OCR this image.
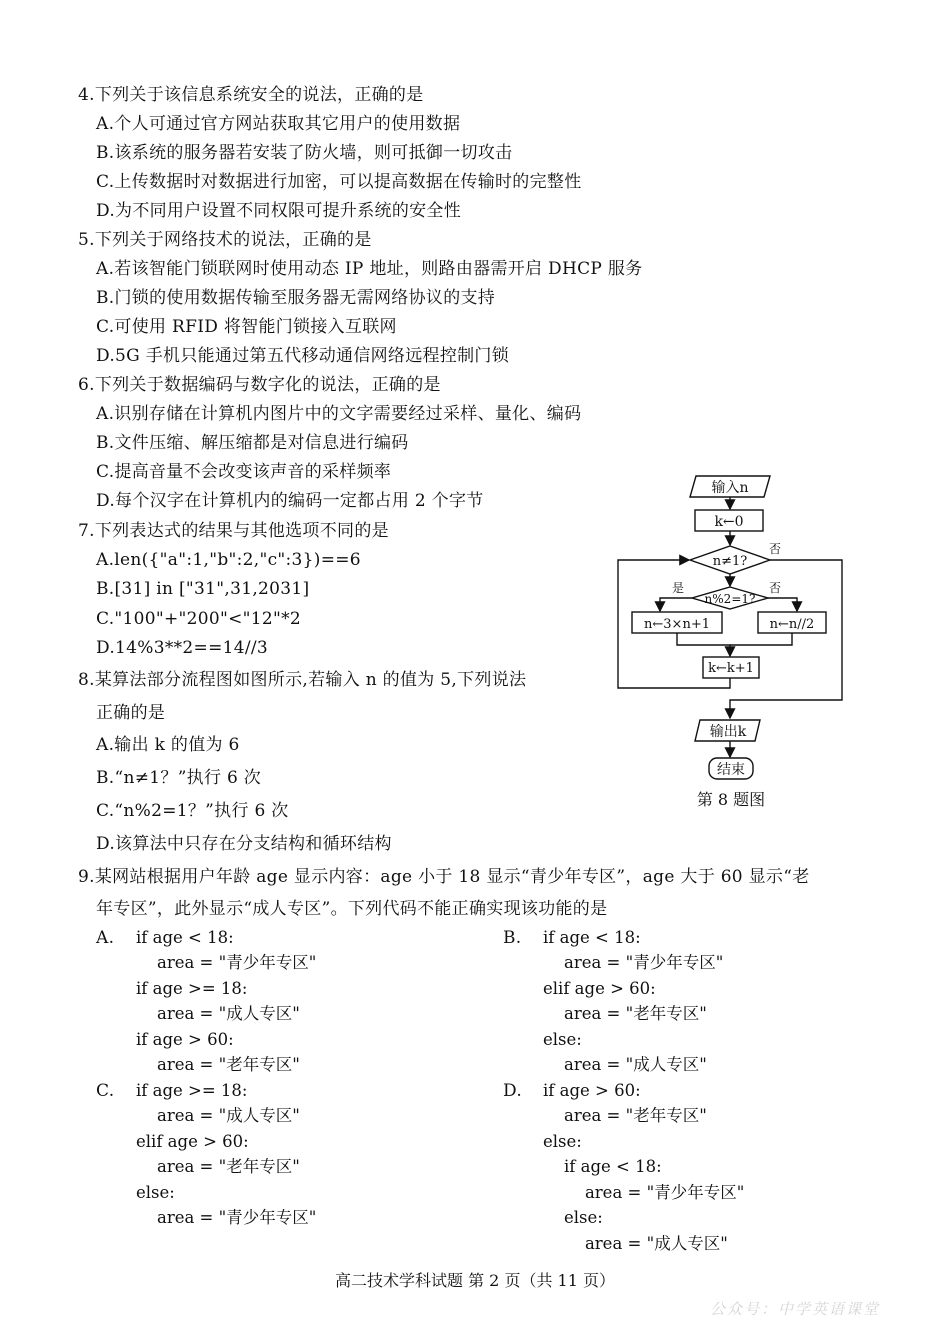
4.下列关于该信息系统安全的说法，正确的是
A.个人可通过官方网站获取其它用户的使用数据
B.该系统的服务器若安装了防火墙，则可抵御一切攻击
C.上传数据时对数据进行加密，可以提高数据在传输时的完整性
D.为不同用户设置不同权限可提升系统的安全性
5.下列关于网络技术的说法，正确的是
A.若该智能门锁联网时使用动态 IP 地址，则路由器需开启 DHCP 服务
B.门锁的使用数据传输至服务器无需网络协议的支持
C.可使用 RFID 将智能门锁接入互联网
D.5G 手机只能通过第五代移动通信网络远程控制门锁
6.下列关于数据编码与数字化的说法，正确的是
A.识别存储在计算机内图片中的文字需要经过采样、量化、编码
B.文件压缩、解压缩都是对信息进行编码
C.提高音量不会改变该声音的采样频率
D.每个汉字在计算机内的编码一定都占用 2 个字节
7.下列表达式的结果与其他选项不同的是
A.len({"a":1,"b":2,"c":3})==6
B.[31] in ["31",31,2031]
C."100"+"200"<"12"*2
D.14%3**2==14//3
8.某算法部分流程图如图所示,若输入 n 的值为 5,下列说法
正确的是
A.输出 k 的值为 6
B.“n≠1？”执行 6 次
C.“n%2=1？”执行 6 次
D.该算法中只存在分支结构和循环结构
输入n
k←0
n≠1?
否
n%2=1?
是	否
n←3×n+1	n←n//2
k←k+1
输出k
结束
第 8 题图
9.某网站根据用户年龄 age 显示内容：age 小于 18 显示“青少年专区”，age 大于 60 显示“老
年专区”，此外显示“成人专区”。下列代码不能正确实现该功能的是
A. if age < 18:
area = "青少年专区"
if age >= 18:
area = "成人专区"
if age > 60:
area = "老年专区"
B. if age < 18:
area = "青少年专区"
elif age > 60:
area = "老年专区"
else:
area = "成人专区"
C. if age >= 18:
area = "成人专区"
elif age > 60:
area = "老年专区"
else:
area = "青少年专区"
D. if age > 60:
area = "老年专区"
else:
if age < 18:
area = "青少年专区"
else:
area = "成人专区"
高二技术学科试题 第 2 页（共 11 页）
公众号：中学英语课堂
